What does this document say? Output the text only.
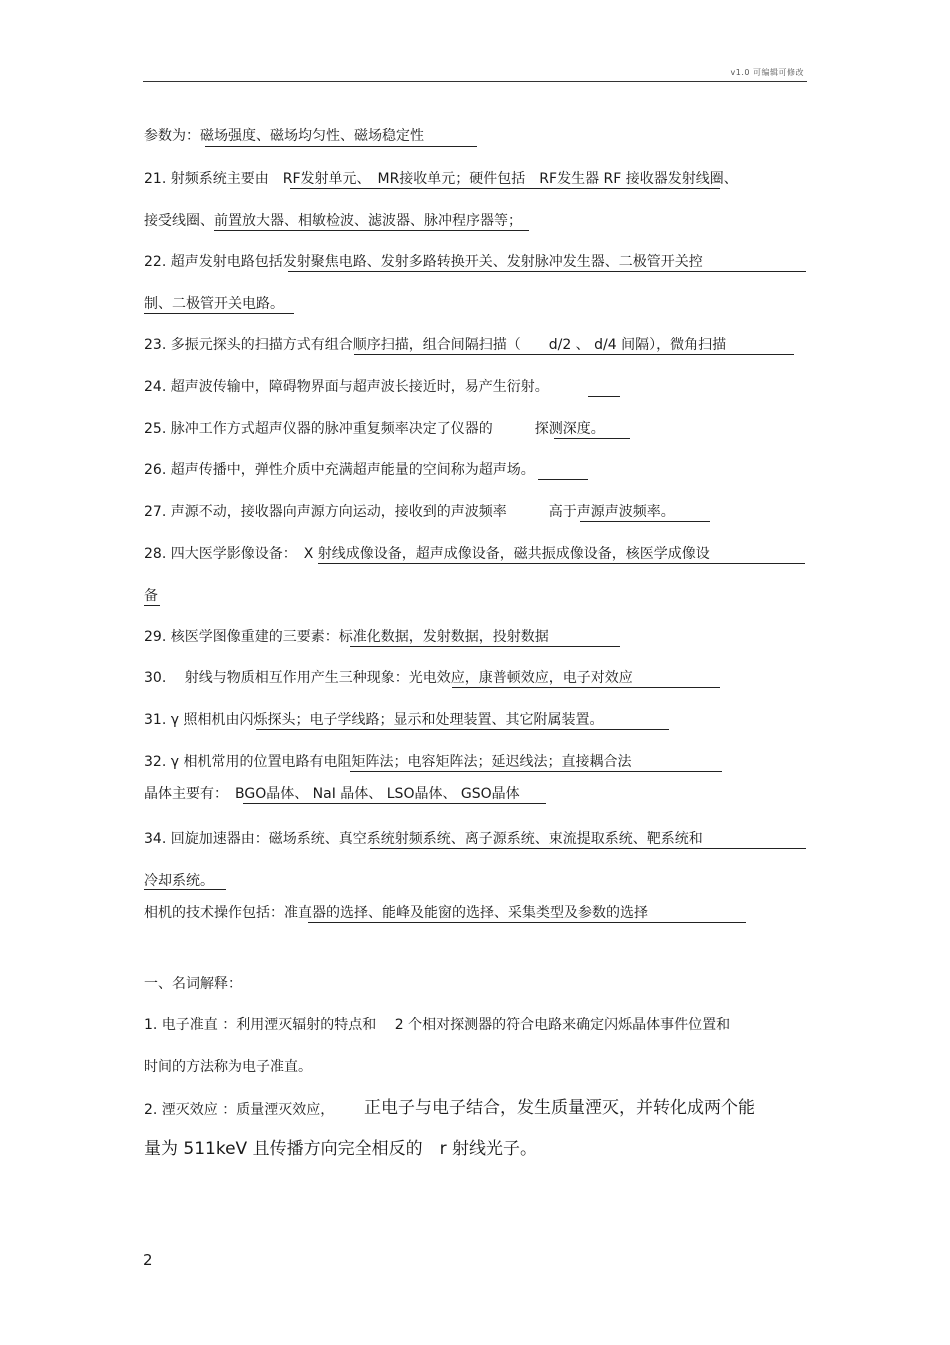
v1.0 可编辑可修改
参数为：磁场强度、磁场均匀性、磁场稳定性
21. 射频系统主要由　RF发射单元、　MR接收单元；硬件包括　RF发生器 RF 接收器发射线圈、
接受线圈、前置放大器、相敏检波、滤波器、脉冲程序器等；
22. 超声发射电路包括发射聚焦电路、发射多路转换开关、发射脉冲发生器、二极管开关控
制、二极管开关电路。
23. 多振元探头的扫描方式有组合顺序扫描，组合间隔扫描（　　d/2 、 d/4 间隔），微角扫描
24. 超声波传输中，障碍物界面与超声波长接近时，易产生衍射。
25. 脉冲工作方式超声仪器的脉冲重复频率决定了仪器的　　　探测深度。
26. 超声传播中，弹性介质中充满超声能量的空间称为超声场。
27. 声源不动，接收器向声源方向运动，接收到的声波频率　　　高于声源声波频率。
28. 四大医学影像设备：　X 射线成像设备，超声成像设备，磁共振成像设备，核医学成像设
备
29. 核医学图像重建的三要素：标准化数据，发射数据，投射数据
30.　 射线与物质相互作用产生三种现象：光电效应，康普顿效应，电子对效应
31. γ 照相机由闪烁探头；电子学线路；显示和处理装置、其它附属装置。
32. γ 相机常用的位置电路有电阻矩阵法；电容矩阵法；延迟线法；直接耦合法
晶体主要有：　BGO晶体、 NaI 晶体、 LSO晶体、 GSO晶体
34. 回旋加速器由：磁场系统、真空系统射频系统、离子源系统、束流提取系统、靶系统和
冷却系统。
相机的技术操作包括：准直器的选择、能峰及能窗的选择、采集类型及参数的选择
一、名词解释：
1. 电子准直 ：利用湮灭辐射的特点和　 2 个相对探测器的符合电路来确定闪烁晶体事件位置和
时间的方法称为电子准直。
2. 湮灭效应 ：质量湮灭效应， 正电子与电子结合，发生质量湮灭，并转化成两个能
量为 511keV 且传播方向完全相反的　r 射线光子。
2
